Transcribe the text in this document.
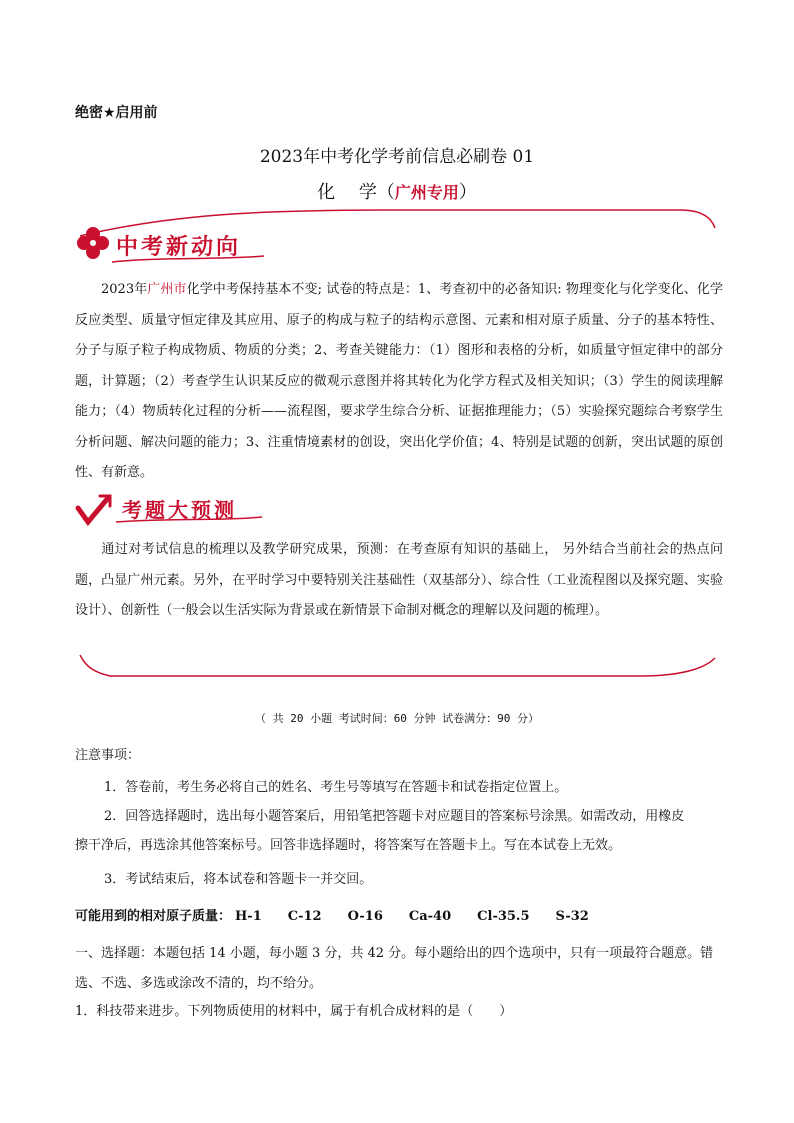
绝密★启用前
2023年中考化学考前信息必刷卷 01
化　 学（广州专用）
中考新动向
2023年广州市化学中考保持基本不变; 试卷的特点是：1、考查初中的必备知识: 物理变化与化学变化、化学反应类型、质量守恒定律及其应用、原子的构成与粒子的结构示意图、元素和相对原子质量、分子的基本特性、分子与原子粒子构成物质、物质的分类；2、考查关键能力：（1）图形和表格的分析，如质量守恒定律中的部分题，计算题；（2）考查学生认识某反应的微观示意图并将其转化为化学方程式及相关知识；（3）学生的阅读理解能力；（4）物质转化过程的分析——流程图，要求学生综合分析、证据推理能力；（5）实验探究题综合考察学生分析问题、解决问题的能力；3、注重情境素材的创设，突出化学价值；4、特别是试题的创新，突出试题的原创性、有新意。
考题大预测
通过对考试信息的梳理以及教学研究成果，预测：在考查原有知识的基础上， 另外结合当前社会的热点问题，凸显广州元素。另外，在平时学习中要特别关注基础性（双基部分）、综合性（工业流程图以及探究题、实验设计）、创新性（一般会以生活实际为背景或在新情景下命制对概念的理解以及问题的梳理）。
（ 共 20 小题 考试时间：60 分钟 试卷满分：90 分）
注意事项：
1．答卷前，考生务必将自己的姓名、考生号等填写在答题卡和试卷指定位置上。
2．回答选择题时，选出每小题答案后，用铅笔把答题卡对应题目的答案标号涂黑。如需改动，用橡皮
擦干净后，再选涂其他答案标号。回答非选择题时，将答案写在答题卡上。写在本试卷上无效。
3．考试结束后，将本试卷和答题卡一并交回。
可能用到的相对原子质量： H-1 C-12 O-16 Ca-40 Cl-35.5 S-32
一、选择题：本题包括 14 小题，每小题 3 分，共 42 分。每小题给出的四个选项中，只有一项最符合题意。错选、不选、多选或涂改不清的，均不给分。
1．科技带来进步。下列物质使用的材料中，属于有机合成材料的是（　　）
